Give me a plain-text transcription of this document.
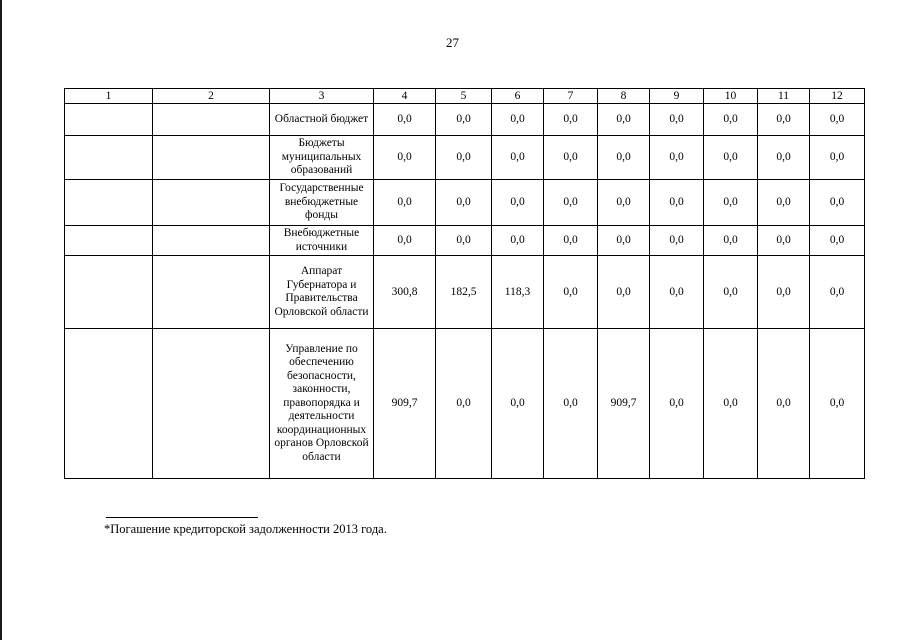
27
1	2	3	4	5	6	7	8	9	10	11	12
		Областной бюджет	0,0	0,0	0,0	0,0	0,0	0,0	0,0	0,0	0,0
		Бюджеты муниципальных образований	0,0	0,0	0,0	0,0	0,0	0,0	0,0	0,0	0,0
		Государственные внебюджетные фонды	0,0	0,0	0,0	0,0	0,0	0,0	0,0	0,0	0,0
		Внебюджетные источники	0,0	0,0	0,0	0,0	0,0	0,0	0,0	0,0	0,0
		Аппарат Губернатора и Правительства Орловской области	300,8	182,5	118,3	0,0	0,0	0,0	0,0	0,0	0,0
		Управление по обеспечению безопасности, законности, правопорядка и деятельности координационных органов Орловской области	909,7	0,0	0,0	0,0	909,7	0,0	0,0	0,0	0,0
*Погашение кредиторской задолженности 2013 года.
